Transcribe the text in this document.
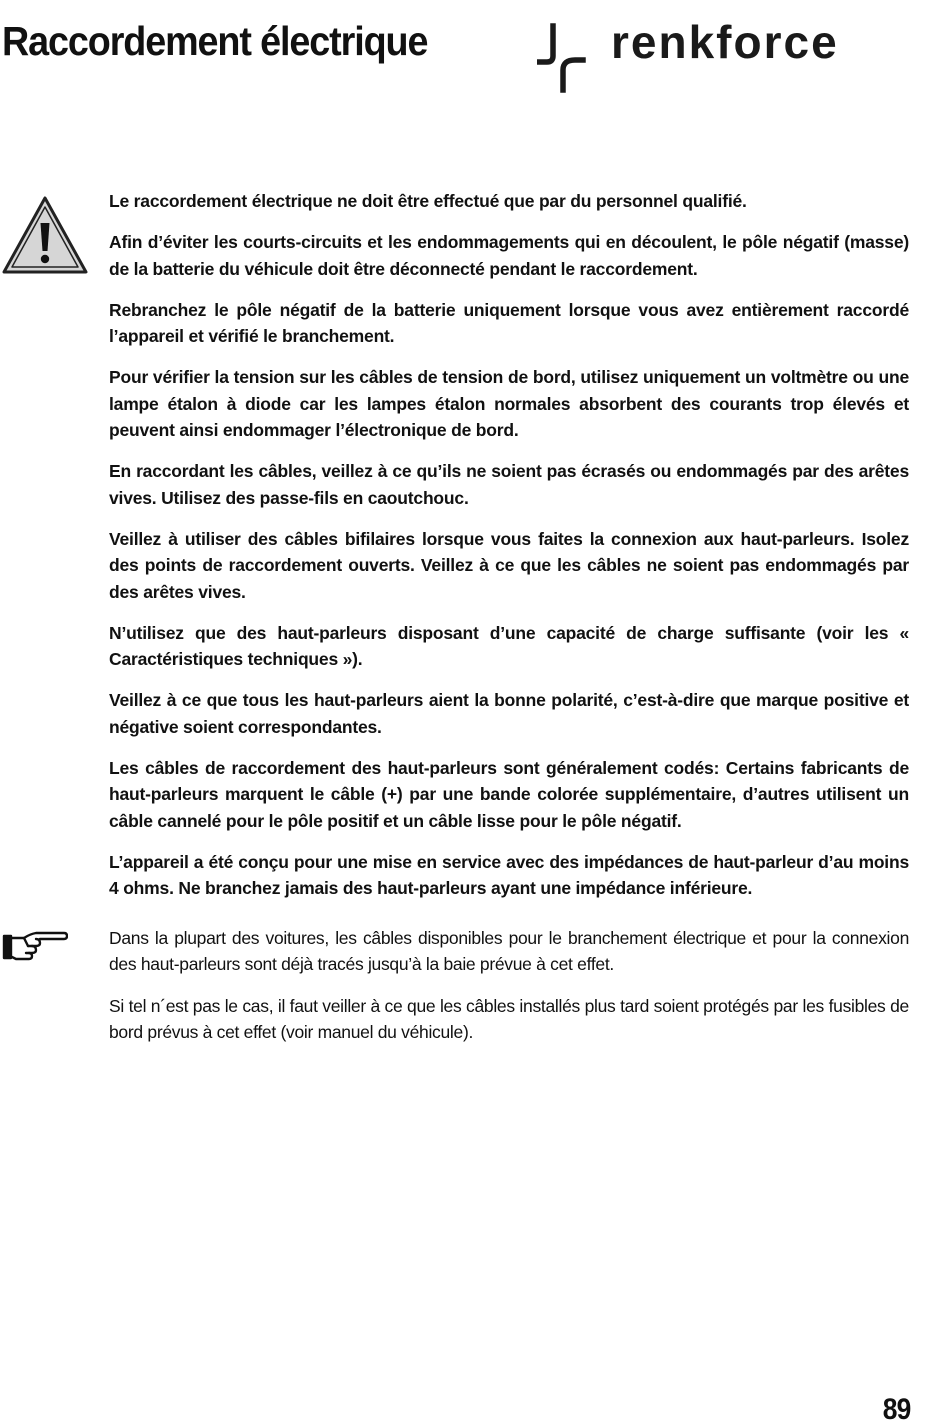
Raccordement électrique	renkforce

Le raccordement électrique ne doit être effectué que par du personnel qualifié.

Afin d’éviter les courts-circuits et les endommagements qui en découlent, le pôle négatif (masse) de la batterie du véhicule doit être déconnecté pendant le raccordement.

Rebranchez le pôle négatif de la batterie uniquement lorsque vous avez entièrement raccordé l’appareil et vérifié le branchement.

Pour vérifier la tension sur les câbles de tension de bord, utilisez uniquement un voltmètre ou une lampe étalon à diode car les lampes étalon normales absorbent des courants trop élevés et peuvent ainsi endommager l’électronique de bord.

En raccordant les câbles, veillez à ce qu’ils ne soient pas écrasés ou endommagés par des arêtes vives. Utilisez des passe-fils en caoutchouc.

Veillez à utiliser des câbles bifilaires lorsque vous faites la connexion aux haut-parleurs. Isolez des points de raccordement ouverts. Veillez à ce que les câbles ne soient pas endommagés par des arêtes vives.

N’utilisez que des haut-parleurs disposant d’une capacité de charge suffisante (voir les « Caractéristiques techniques »).

Veillez à ce que tous les haut-parleurs aient la bonne polarité, c’est-à-dire que marque positive et négative soient correspondantes.

Les câbles de raccordement des haut-parleurs sont généralement codés: Certains fabricants de haut-parleurs marquent le câble (+) par une bande colorée supplémentaire, d’autres utilisent un câble cannelé pour le pôle positif et un câble lisse pour le pôle négatif.

L’appareil a été conçu pour une mise en service avec des impédances de haut-parleur d’au moins 4 ohms. Ne branchez jamais des haut-parleurs ayant une impédance inférieure.

Dans la plupart des voitures, les câbles disponibles pour le branchement électrique et pour la connexion des haut-parleurs sont déjà tracés jusqu’à la baie prévue à cet effet.

Si tel n´est pas le cas, il faut veiller à ce que les câbles installés plus tard soient protégés par les fusibles de bord prévus à cet effet (voir manuel du véhicule).

89
